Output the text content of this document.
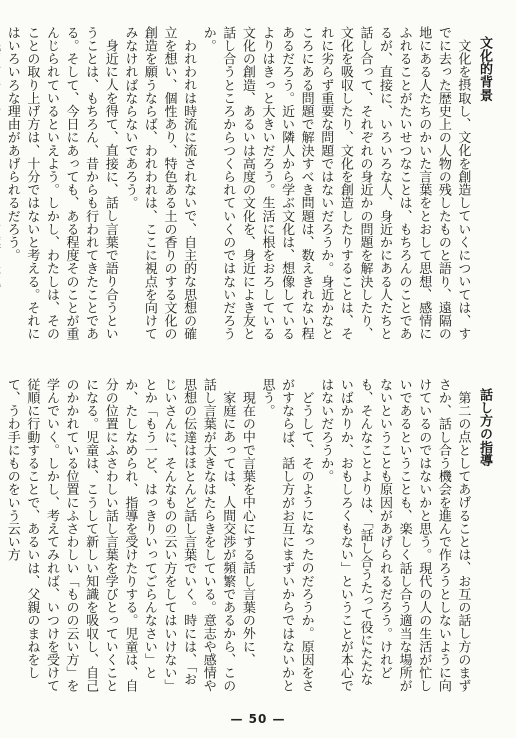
文化的背景

文化を摂取し、文化を創造していくについては、すでに去った歴史上の人物の残したものと語り、遠隔の地にある人たちのかいた言葉をとおして思想、感情にふれることがたいせつなことは、もちろんのことであるが、直接に、いろいろな人、身近かにある人たちと話し合って、それぞれの身近かの問題を解決したり、文化を吸収したり、文化を創造したりすることは、それに劣らず重要な問題ではないだろうか。身近かなところにある問題で解決すべき問題は、数えきれない程あるだろう。近い隣人から学ぶ文化は、想像しているよりはきっと大きいだろう。生活に根をおろしている文化の創造、あるいは高度の文化を、身近によき友と話し合うところからつくられていくのではないだろうか。

われわれは時流に流されないで、自主的な思想の確立を想い、個性あり、特色ある土の香りのする文化の創造を願うならば、われわれは、ここに視点を向けてみなければならないであろう。

身近に人を得て、直接に、話し言葉で語り合うということは、もちろん、昔からも行われてきたことである。そして、今日にあっても、ある程度そのことが重んじられているといえよう。しかし、わたしは、そのことの取り上げ方は、十分ではないと考える。それにはいろいろな理由があげられるだろう。

話し方の指導

第二の点としてあげることは、お互の話し方のまずさか、話し合う機会を進んで作ろうとしないように向けているのではないかと思う。現代の人の生活が忙しいであるということも、楽しく話し合う適当な場所がないということも原因があげられるだろう。けれども、そんなことよりは、「話し合うたって役にたたないばかりか、おもしろくもない」ということが本心ではないだろうか。

どうして、そのようになったのだろうか。原因をさがすならば、話し方がお互にまずいからではないかと思う。

現在の中で言葉を中心にする話し言葉の外に、

家庭にあっては、人間交渉が頻繁であるから、この話し言葉が大きなはたらきをしている。意志や感情や思想の伝達はほとんど話し言葉でいく。時には、「おじいさんに、そんなものの云い方をしてはいけない」とか「もう一ど、はっきりいってごらんなさい」とか、たしなめられ、指導を受けたりする。児童は、自分の位置にふさわしい話し言葉を学びとっていくことになる。児童は、こうして新しい知識を吸収し、自己のかかれている位置にふさわしい「ものの云い方」を学んでいく。しかし、考えてみれば、いつけを受けて従順に行動することで、あるいは、父親のまねをして、うわ手にものをいう云い方

— 50 —
